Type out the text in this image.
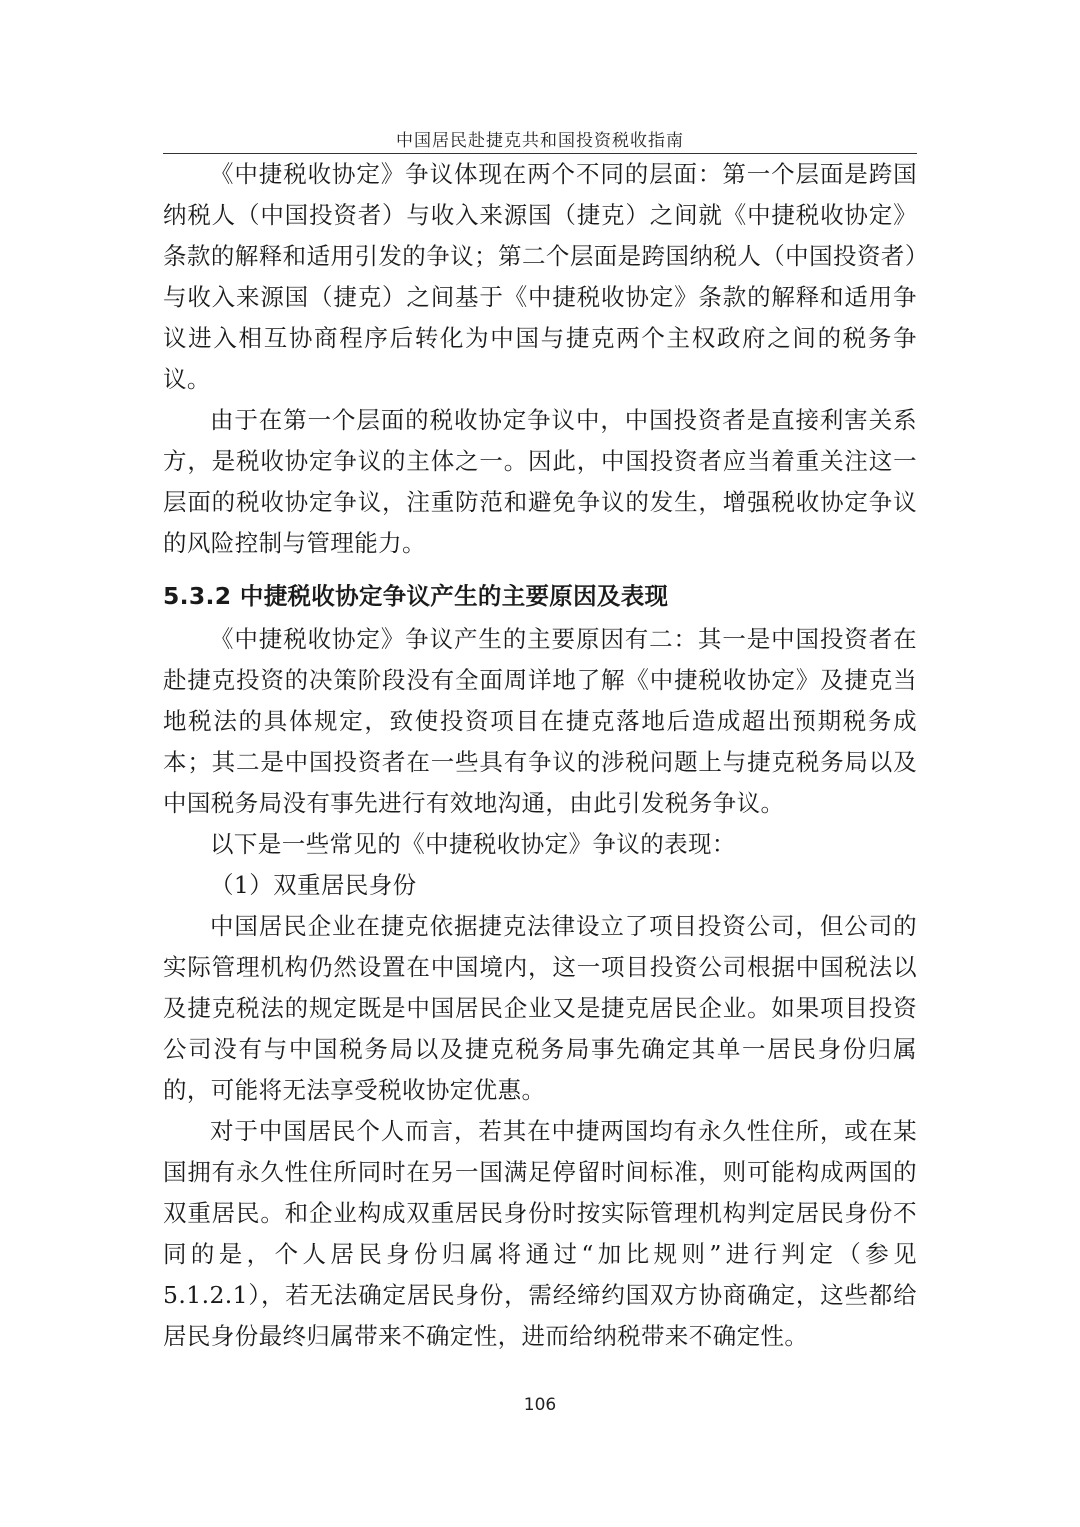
中国居民赴捷克共和国投资税收指南

《中捷税收协定》争议体现在两个不同的层面：第一个层面是跨国纳税人（中国投资者）与收入来源国（捷克）之间就《中捷税收协定》条款的解释和适用引发的争议；第二个层面是跨国纳税人（中国投资者）与收入来源国（捷克）之间基于《中捷税收协定》条款的解释和适用争议进入相互协商程序后转化为中国与捷克两个主权政府之间的税务争议。

由于在第一个层面的税收协定争议中，中国投资者是直接利害关系方，是税收协定争议的主体之一。因此，中国投资者应当着重关注这一层面的税收协定争议，注重防范和避免争议的发生，增强税收协定争议的风险控制与管理能力。

5.3.2 中捷税收协定争议产生的主要原因及表现

《中捷税收协定》争议产生的主要原因有二：其一是中国投资者在赴捷克投资的决策阶段没有全面周详地了解《中捷税收协定》及捷克当地税法的具体规定，致使投资项目在捷克落地后造成超出预期税务成本；其二是中国投资者在一些具有争议的涉税问题上与捷克税务局以及中国税务局没有事先进行有效地沟通，由此引发税务争议。

以下是一些常见的《中捷税收协定》争议的表现：

（1）双重居民身份

中国居民企业在捷克依据捷克法律设立了项目投资公司，但公司的实际管理机构仍然设置在中国境内，这一项目投资公司根据中国税法以及捷克税法的规定既是中国居民企业又是捷克居民企业。如果项目投资公司没有与中国税务局以及捷克税务局事先确定其单一居民身份归属的，可能将无法享受税收协定优惠。

对于中国居民个人而言，若其在中捷两国均有永久性住所，或在某国拥有永久性住所同时在另一国满足停留时间标准，则可能构成两国的双重居民。和企业构成双重居民身份时按实际管理机构判定居民身份不同的是，个人居民身份归属将通过“加比规则”进行判定（参见5.1.2.1），若无法确定居民身份，需经缔约国双方协商确定，这些都给居民身份最终归属带来不确定性，进而给纳税带来不确定性。

106
